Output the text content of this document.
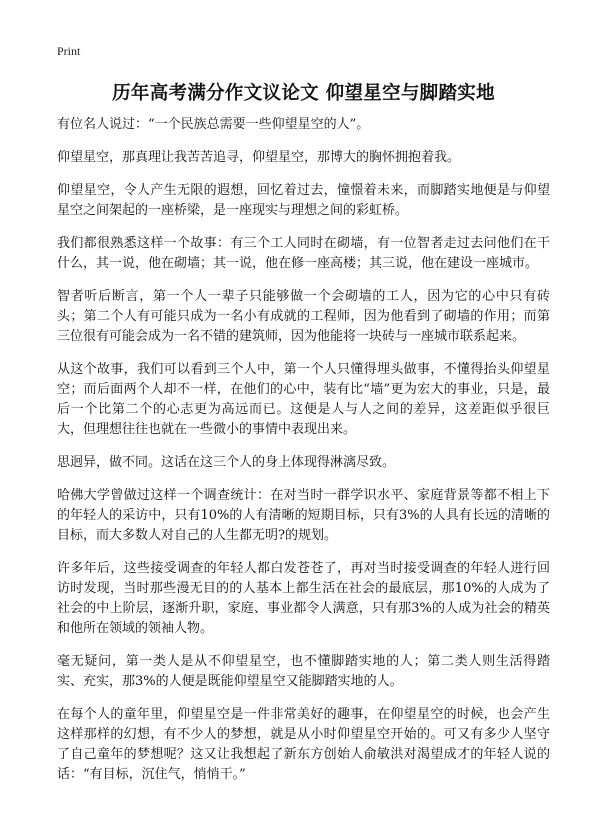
Print
历年高考满分作文议论文 仰望星空与脚踏实地

有位名人说过：“一个民族总需要一些仰望星空的人”。

仰望星空，那真理让我苦苦追寻，仰望星空，那博大的胸怀拥抱着我。

仰望星空，令人产生无限的遐想，回忆着过去，憧憬着未来，而脚踏实地便是与仰望星空之间架起的一座桥梁，是一座现实与理想之间的彩虹桥。

我们都很熟悉这样一个故事：有三个工人同时在砌墙，有一位智者走过去问他们在干什么，其一说，他在砌墙；其一说，他在修一座高楼；其三说，他在建设一座城市。

智者听后断言，第一个人一辈子只能够做一个会砌墙的工人，因为它的心中只有砖头；第二个人有可能只成为一名小有成就的工程师，因为他看到了砌墙的作用；而第三位很有可能会成为一名不错的建筑师，因为他能将一块砖与一座城市联系起来。

从这个故事，我们可以看到三个人中，第一个人只懂得埋头做事，不懂得抬头仰望星空；而后面两个人却不一样，在他们的心中，装有比“墙”更为宏大的事业，只是，最后一个比第二个的心志更为高远而已。这便是人与人之间的差异，这差距似乎很巨大，但理想往往也就在一些微小的事情中表现出来。

思迥异，做不同。这话在这三个人的身上体现得淋漓尽致。

哈佛大学曾做过这样一个调查统计：在对当时一群学识水平、家庭背景等都不相上下的年轻人的采访中，只有10%的人有清晰的短期目标，只有3%的人具有长远的清晰的目标，而大多数人对自己的人生都无明?的规划。

许多年后，这些接受调查的年轻人都白发苍苍了，再对当时接受调查的年轻人进行回访时发现，当时那些漫无目的的人基本上都生活在社会的最底层，那10%的人成为了社会的中上阶层，逐渐升职，家庭、事业都令人满意，只有那3%的人成为社会的精英和他所在领域的领袖人物。

毫无疑问，第一类人是从不仰望星空，也不懂脚踏实地的人；第二类人则生活得踏实、充实，那3%的人便是既能仰望星空又能脚踏实地的人。

在每个人的童年里，仰望星空是一件非常美好的趣事，在仰望星空的时候，也会产生这样那样的幻想，有不少人的梦想，就是从小时仰望星空开始的。可又有多少人坚守了自己童年的梦想呢？这又让我想起了新东方创始人俞敏洪对渴望成才的年轻人说的话：“有目标，沉住气，悄悄干。”
